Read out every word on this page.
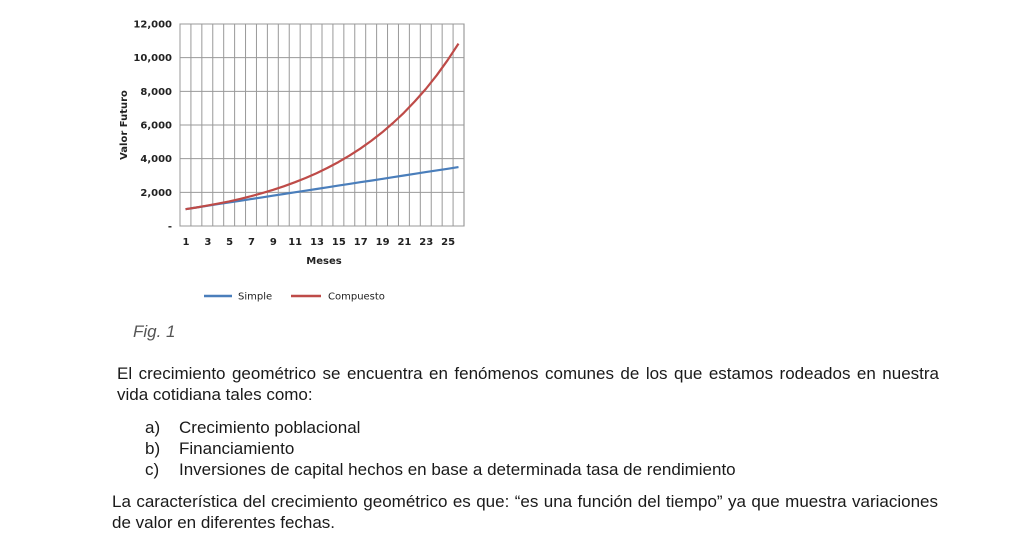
-
2,000
4,000
6,000
8,000
10,000
12,000
1 3 5 7 9 11 13 15 17 19 21 23 25
Valor Futuro
Meses
Simple	Compuesto
Fig. 1

El crecimiento geométrico se encuentra en fenómenos comunes de los que estamos rodeados en nuestra vida cotidiana tales como:

a)	Crecimiento poblacional
b)	Financiamiento
c)	Inversiones de capital hechos en base a determinada tasa de rendimiento

La característica del crecimiento geométrico es que: “es una función del tiempo” ya que muestra variaciones de valor en diferentes fechas.
